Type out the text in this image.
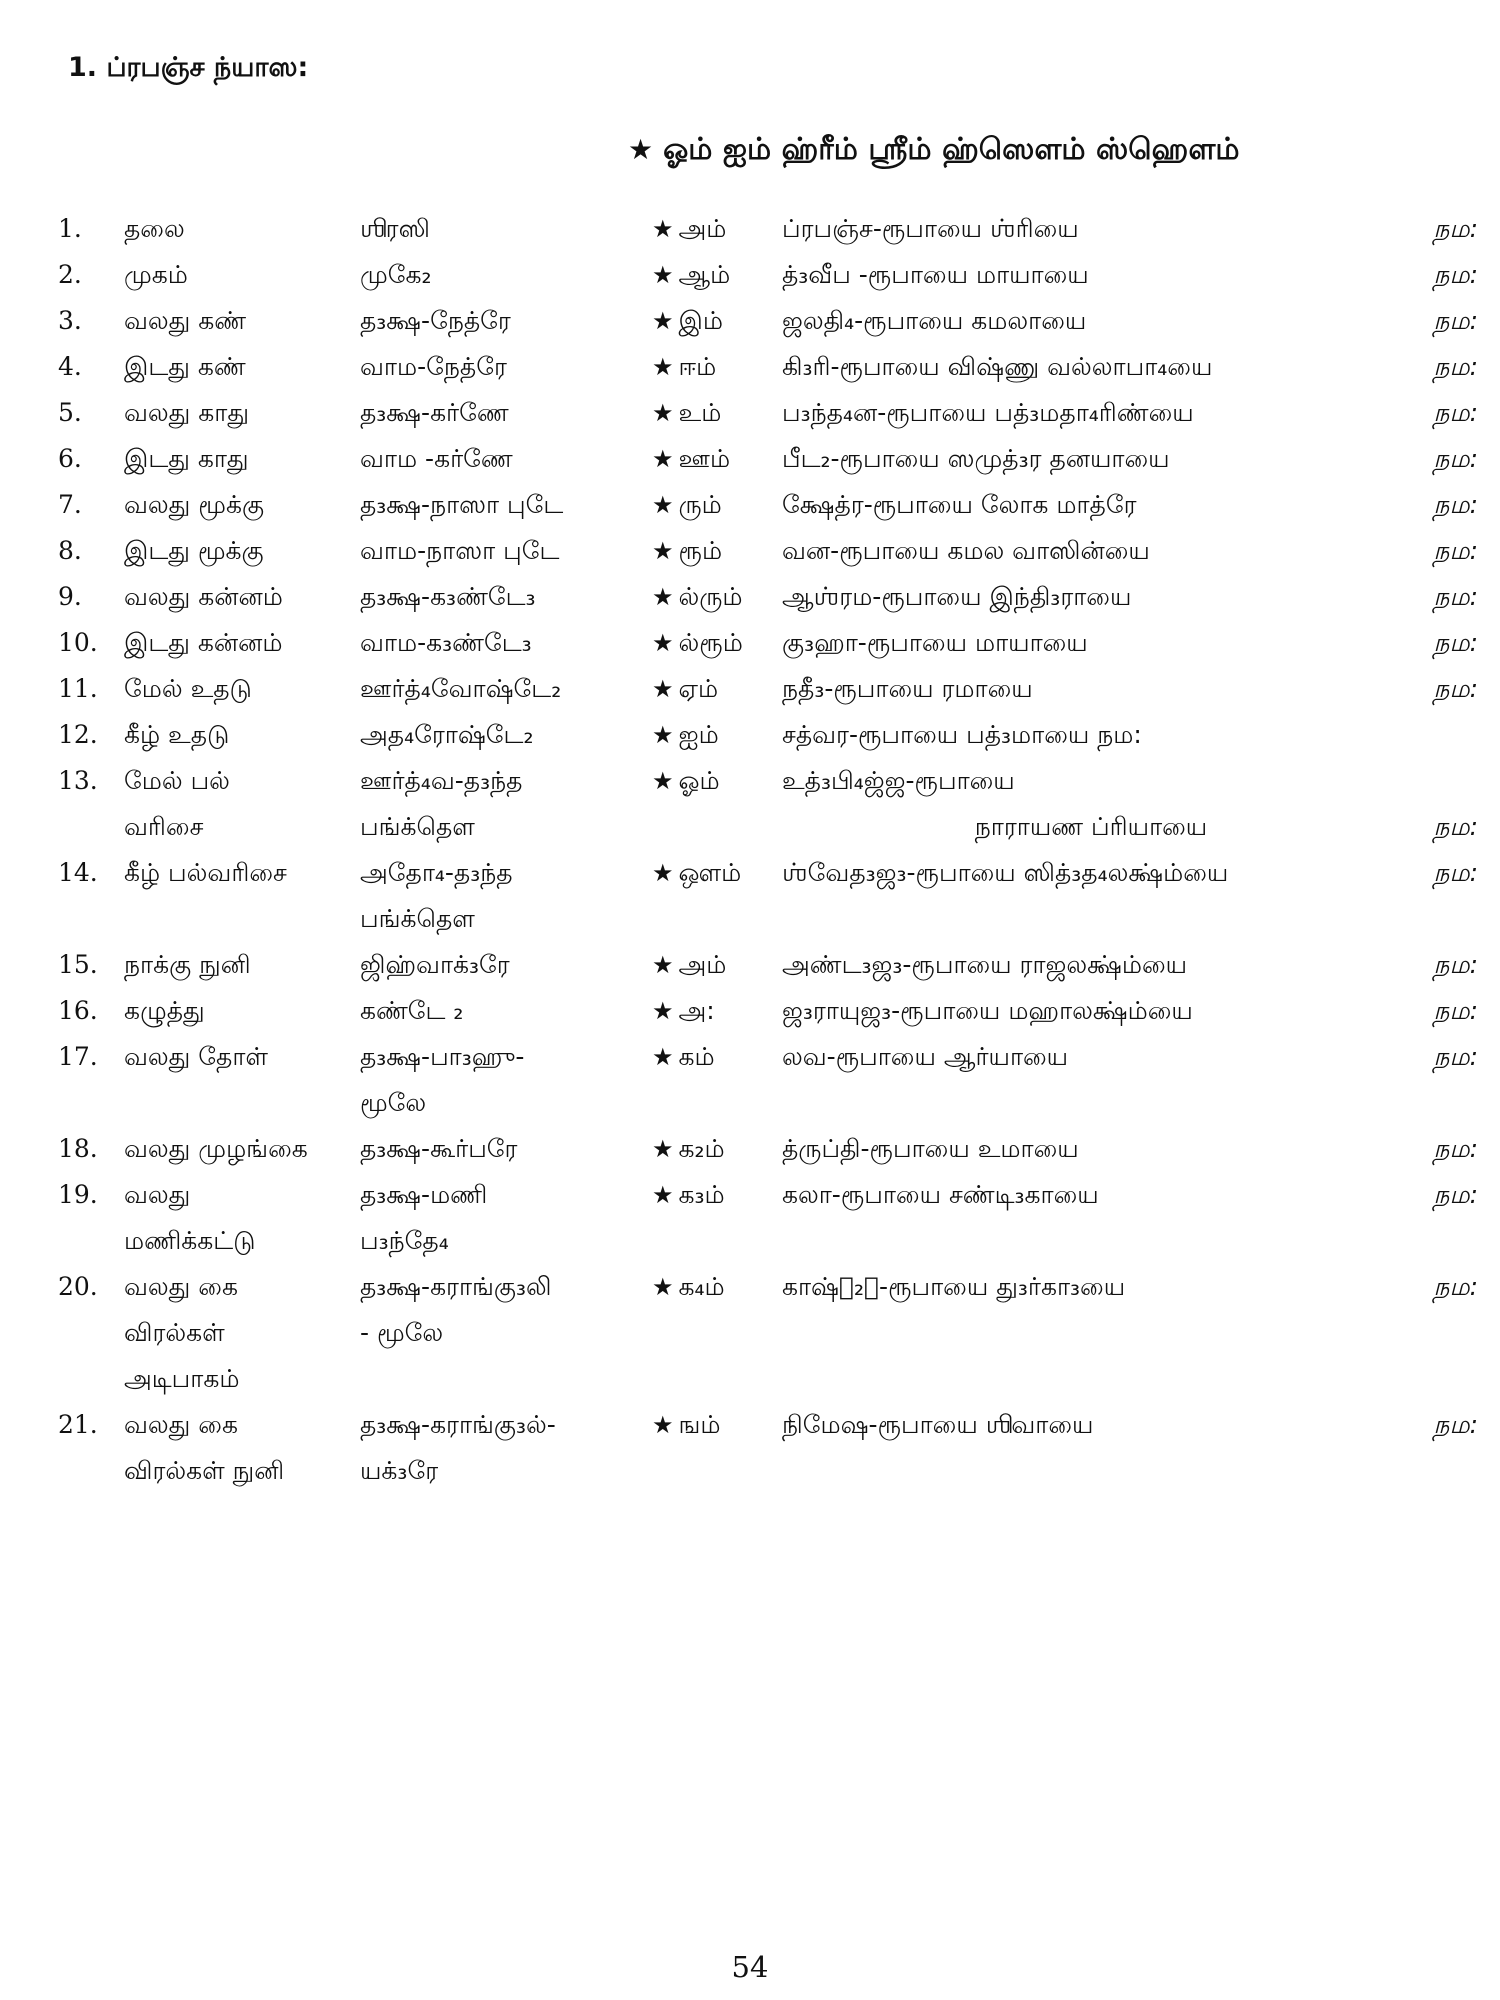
1. ப்ரபஞ்ச ந்யாஸ:

★ ஓம் ஐம் ஹ்ரீம் ஸ்ரீம் ஹ்ஸௌம் ஸ்ஹௌம்

1.	தலை	ஶிரஸி	★ அம்	ப்ரபஞ்ச-ரூபாயை ஶ்ரியை	நம:

2.	முகம்	முகே₂	★ ஆம்	த்₃வீப -ரூபாயை மாயாயை	நம:

3.	வலது கண்	த₃க்ஷ-நேத்ரே	★ இம்	ஜலதி₄-ரூபாயை கமலாயை	நம:

4.	இடது கண்	வாம-நேத்ரே	★ ஈம்	கி₃ரி-ரூபாயை விஷ்ணு வல்லாபா₄யை	நம:

5.	வலது காது	த₃க்ஷ-கர்ணே	★ உம்	ப₃ந்த₄ன-ரூபாயை பத்₃மதா₄ரிண்யை	நம:

6.	இடது காது	வாம -கர்ணே	★ ஊம்	பீட₂-ரூபாயை ஸமுத்₃ர தனயாயை	நம:

7.	வலது மூக்கு	த₃க்ஷ-நாஸா புடே	★ ரும்	க்ஷேத்ர-ரூபாயை லோக மாத்ரே	நம:

8.	இடது மூக்கு	வாம-நாஸா புடே	★ ரூம்	வன-ரூபாயை கமல வாஸின்யை	நம:

9.	வலது கன்னம்	த₃க்ஷ-க₃ண்டே₃	★ ல்ரும்	ஆஶ்ரம-ரூபாயை இந்தி₃ராயை	நம:

10.	இடது கன்னம்	வாம-க₃ண்டே₃	★ ல்ரூம்	கு₃ஹா-ரூபாயை மாயாயை	நம:

11.	மேல் உதடு	ஊர்த்₄வோஷ்டே₂	★ ஏம்	நதீ₃-ரூபாயை ரமாயை	நம:

12.	கீழ் உதடு	அத₄ரோஷ்டே₂	★ ஐம்	சத்வர-ரூபாயை பத்₃மாயை நம:	

13.	மேல் பல்
வரிசை	ஊர்த்₄வ-த₃ந்த
பங்க்தௌ	★ ஓம்	உத்₃பி₄ஜ்ஜ-ரூபாயை
நாராயண ப்ரியாயை	நம:

14.	கீழ் பல்வரிசை	அதோ₄-த₃ந்த
பங்க்தௌ	★ ஔம்	ஶ்வேத₃ஜ₃-ரூபாயை ஸித்₃த₄லக்ஷ்ம்யை	நம:

15.	நாக்கு நுனி	ஜிஹ்வாக்₃ரே	★ அம்	அண்ட₃ஜ₃-ரூபாயை ராஜலக்ஷ்ம்யை	நம:

16.	கழுத்து	கண்டே ₂	★ அ:	ஜ₃ராயுஜ₃-ரூபாயை மஹாலக்ஷ்ம்யை	நம:

17.	வலது தோள்	த₃க்ஷ-பா₃ஹு-
மூலே	★ கம்	லவ-ரூபாயை ஆர்யாயை	நம:

18.	வலது முழங்கை	த₃க்ஷ-கூர்பரே	★ க₂ம்	த்ருப்தி-ரூபாயை உமாயை	நம:

19.	வலது
மணிக்கட்டு	த₃க்ஷ-மணி
ப₃ந்தே₄	★ க₃ம்	கலா-ரூபாயை சண்டி₃காயை	நம:

20.	வலது கை
விரல்கள்
அடிபாகம்	த₃க்ஷ-கராங்கு₃லி
- மூலே	★ க₄ம்	காஷ்ட₂ா-ரூபாயை து₃ர்கா₃யை	நம:

21.	வலது கை
விரல்கள் நுனி	த₃க்ஷ-கராங்கு₃ல்-
யக்₃ரே	★ ஙம்	நிமேஷ-ரூபாயை ஶிவாயை	நம:
54
